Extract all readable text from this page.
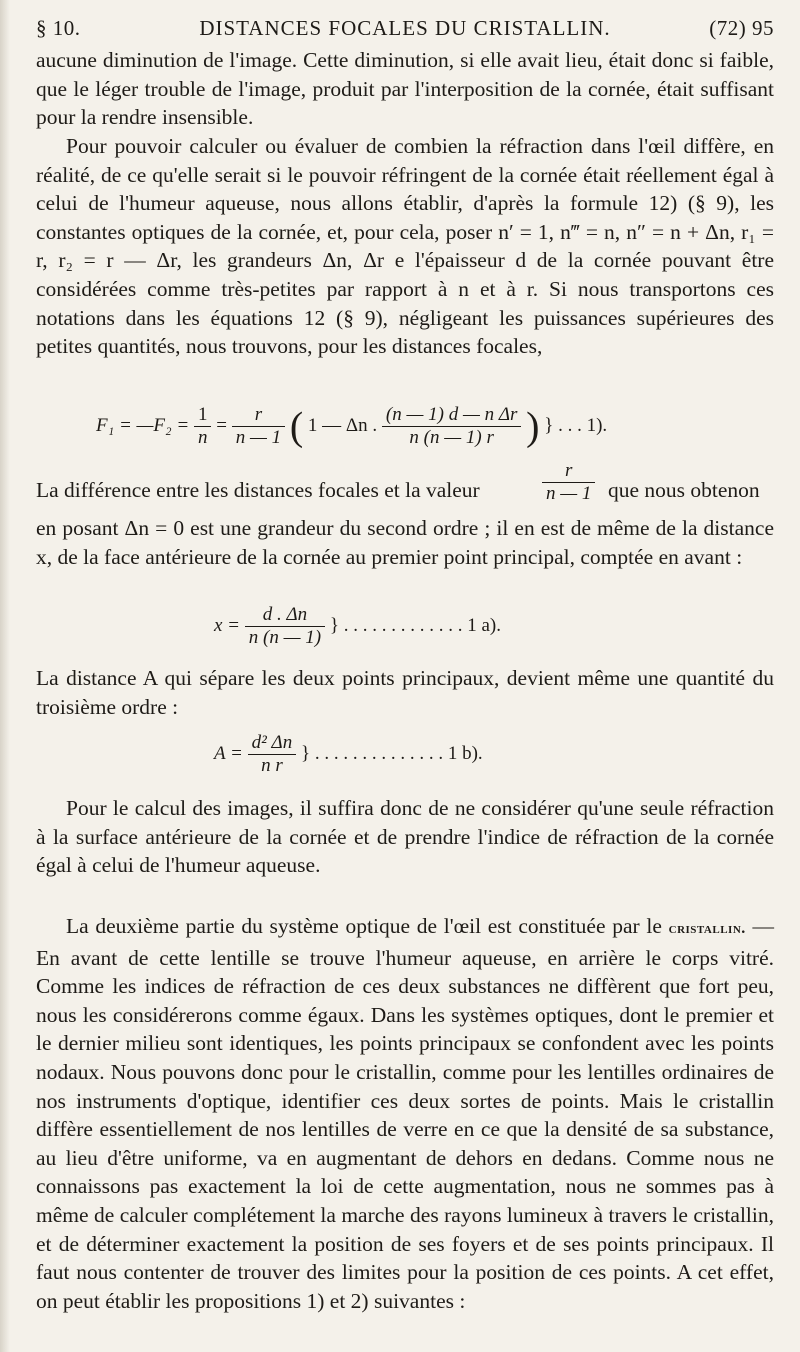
§ 10.	DISTANCES FOCALES DU CRISTALLIN.	(72) 95

aucune diminution de l'image. Cette diminution, si elle avait lieu, était donc si faible, que le léger trouble de l'image, produit par l'interposition de la cornée, était suffisant pour la rendre insensible.

Pour pouvoir calculer ou évaluer de combien la réfraction dans l'œil diffère, en réalité, de ce qu'elle serait si le pouvoir réfringent de la cornée était réellement égal à celui de l'humeur aqueuse, nous allons établir, d'après la formule 12) (§ 9), les constantes optiques de la cornée, et, pour cela, poser n′ = 1, n‴ = n, n″ = n + Δn, r₁ = r, r₂ = r — Δr, les grandeurs Δn, Δr e l'épaisseur d de la cornée pouvant être considérées comme très-petites par rapport à n et à r. Si nous transportons ces notations dans les équations 12 (§ 9), négligeant les puissances supérieures des petites quantités, nous trouvons, pour les distances focales,

F₁ = —F₂ = $\frac{1}{n} = \frac{r}{n — 1}$ ( 1 — Δn . $\frac{\text{(n — 1) d — n Δr}}{n (n — 1) r}$ ) } . . . 1).
La différence entre les distances focales et la valeur	$\frac{r}{n — 1}$ que nous obtenon

en posant Δn = 0 est une grandeur du second ordre ; il en est de même de la distance x, de la face antérieure de la cornée au premier point principal, comptée en avant :

$x = \frac{d . \Delta n}{n (n — 1)}$ } . . . . . . . . . . . . . 1 a).

La distance A qui sépare les deux points principaux, devient même une quantité du troisième ordre :

$A = \frac{\text{d² Δn}}{\text{n r}}$ } . . . . . . . . . . . . . . 1 b).

Pour le calcul des images, il suffira donc de ne considérer qu'une seule réfraction à la surface antérieure de la cornée et de prendre l'indice de réfraction de la cornée égal à celui de l'humeur aqueuse.

La deuxième partie du système optique de l'œil est constituée par le cristallin. — En avant de cette lentille se trouve l'humeur aqueuse, en arrière le corps vitré. Comme les indices de réfraction de ces deux substances ne diffèrent que fort peu, nous les considérerons comme égaux. Dans les systèmes optiques, dont le premier et le dernier milieu sont identiques, les points principaux se confondent avec les points nodaux. Nous pouvons donc pour le cristallin, comme pour les lentilles ordinaires de nos instruments d'optique, identifier ces deux sortes de points. Mais le cristallin diffère essentiellement de nos lentilles de verre en ce que la densité de sa substance, au lieu d'être uniforme, va en augmentant de dehors en dedans. Comme nous ne connaissons pas exactement la loi de cette augmentation, nous ne sommes pas à même de calculer complétement la marche des rayons lumineux à travers le cristallin, et de déterminer exactement la position de ses foyers et de ses points principaux. Il faut nous contenter de trouver des limites pour la position de ces points. A cet effet, on peut établir les propositions 1) et 2) suivantes :
